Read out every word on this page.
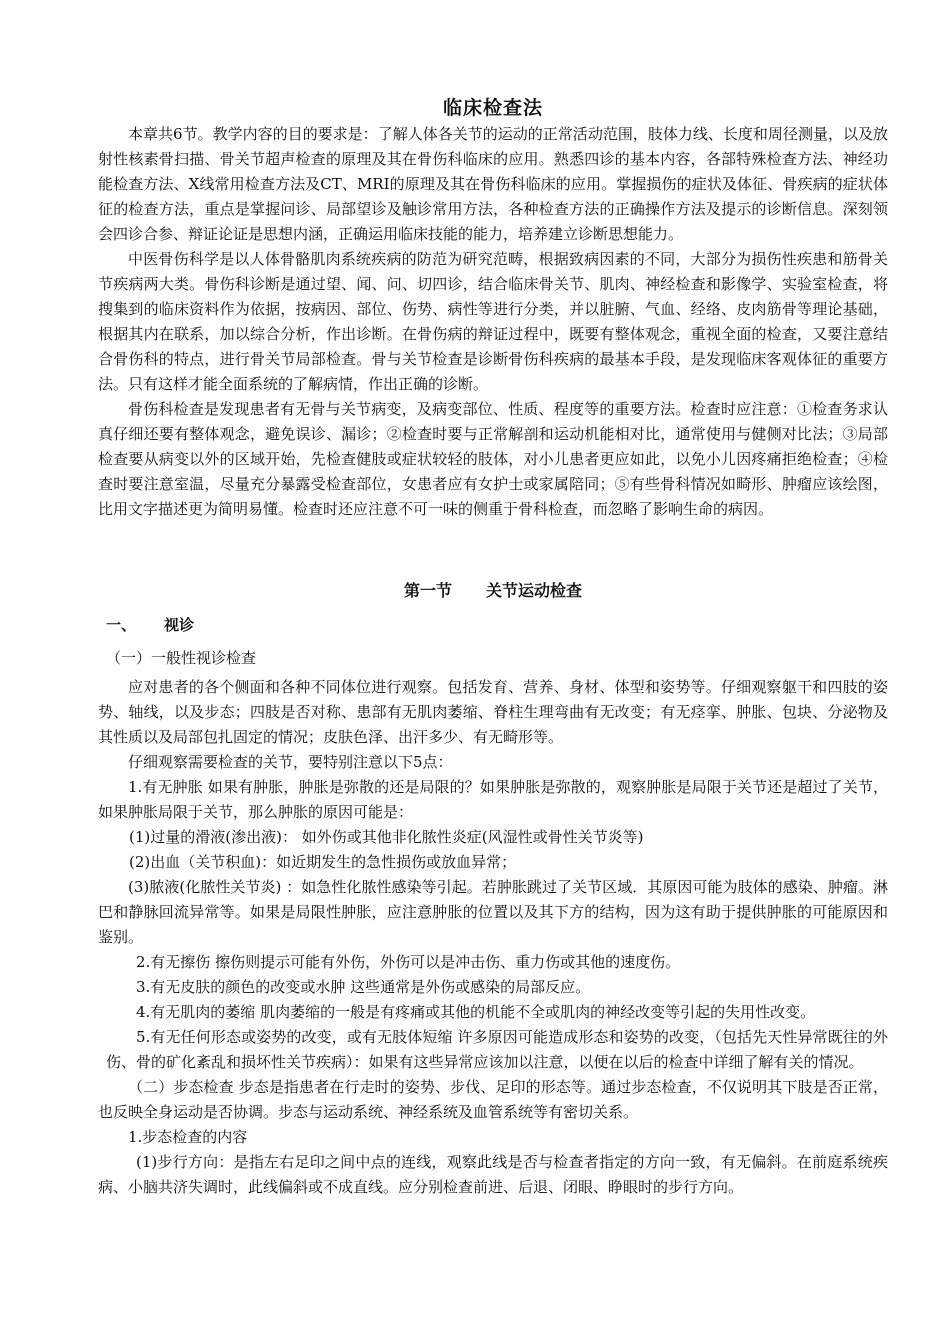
临床检查法

本章共6节。教学内容的目的要求是：了解人体各关节的运动的正常活动范围，肢体力线、长度和周径测量，以及放射性核素骨扫描、骨关节超声检查的原理及其在骨伤科临床的应用。熟悉四诊的基本内容，各部特殊检查方法、神经功能检查方法、X线常用检查方法及CT、MRI的原理及其在骨伤科临床的应用。掌握损伤的症状及体征、骨疾病的症状体征的检查方法，重点是掌握问诊、局部望诊及触诊常用方法，各种检查方法的正确操作方法及提示的诊断信息。深刻领会四诊合参、辩证论证是思想内涵，正确运用临床技能的能力，培养建立诊断思想能力。

中医骨伤科学是以人体骨骼肌肉系统疾病的防范为研究范畴，根据致病因素的不同，大部分为损伤性疾患和筋骨关节疾病两大类。骨伤科诊断是通过望、闻、问、切四诊，结合临床骨关节、肌肉、神经检查和影像学、实验室检查，将搜集到的临床资料作为依据，按病因、部位、伤势、病性等进行分类，并以脏腑、气血、经络、皮肉筋骨等理论基础，根据其内在联系，加以综合分析，作出诊断。在骨伤病的辩证过程中，既要有整体观念，重视全面的检查，又要注意结合骨伤科的特点，进行骨关节局部检查。骨与关节检查是诊断骨伤科疾病的最基本手段，是发现临床客观体征的重要方法。只有这样才能全面系统的了解病情，作出正确的诊断。

骨伤科检查是发现患者有无骨与关节病变，及病变部位、性质、程度等的重要方法。检查时应注意：①检查务求认真仔细还要有整体观念，避免误诊、漏诊；②检查时要与正常解剖和运动机能相对比，通常使用与健侧对比法；③局部检查要从病变以外的区域开始，先检查健肢或症状较轻的肢体，对小儿患者更应如此，以免小儿因疼痛拒绝检查；④检查时要注意室温，尽量充分暴露受检查部位，女患者应有女护士或家属陪同；⑤有些骨科情况如畸形、肿瘤应该绘图，比用文字描述更为简明易懂。检查时还应注意不可一味的侧重于骨科检查，而忽略了影响生命的病因。

第一节 关节运动检查
一、 视诊
（一）一般性视诊检查

应对患者的各个侧面和各种不同体位进行观察。包括发育、营养、身材、体型和姿势等。仔细观察躯干和四肢的姿势、轴线，以及步态；四肢是否对称、患部有无肌肉萎缩、脊柱生理弯曲有无改变；有无痉挛、肿胀、包块、分泌物及其性质以及局部包扎固定的情况；皮肤色泽、出汗多少、有无畸形等。

仔细观察需要检查的关节，要特别注意以下5点：

1.有无肿胀 如果有肿胀，肿胀是弥散的还是局限的？如果肿胀是弥散的，观察肿胀是局限于关节还是超过了关节，如果肿胀局限于关节，那么肿胀的原因可能是：

(1)过量的滑液(渗出液)： 如外伤或其他非化脓性炎症(风湿性或骨性关节炎等)

(2)出血（关节积血)：如近期发生的急性损伤或放血异常；

(3)脓液(化脓性关节炎) ：如急性化脓性感染等引起。若肿胀跳过了关节区域．其原因可能为肢体的感染、肿瘤。淋巴和静脉回流异常等。如果是局限性肿胀，应注意肿胀的位置以及其下方的结构，因为这有助于提供肿胀的可能原因和鉴别。

2.有无擦伤 擦伤则提示可能有外伤，外伤可以是冲击伤、重力伤或其他的速度伤。

3.有无皮肤的颜色的改变或水肿 这些通常是外伤或感染的局部反应。

4.有无肌肉的萎缩 肌肉萎缩的一般是有疼痛或其他的机能不全或肌肉的神经改变等引起的失用性改变。

5.有无任何形态或姿势的改变，或有无肢体短缩 许多原因可能造成形态和姿势的改变，（包括先天性异常既往的外伤、骨的矿化紊乱和损坏性关节疾病）：如果有这些异常应该加以注意，以便在以后的检查中详细了解有关的情况。

（二）步态检查 步态是指患者在行走时的姿势、步伐、足印的形态等。通过步态检查，不仅说明其下肢是否正常，也反映全身运动是否协调。步态与运动系统、神经系统及血管系统等有密切关系。

1.步态检查的内容

(1)步行方向：是指左右足印之间中点的连线，观察此线是否与检查者指定的方向一致，有无偏斜。在前庭系统疾病、小脑共济失调时，此线偏斜或不成直线。应分别检查前进、后退、闭眼、睁眼时的步行方向。
